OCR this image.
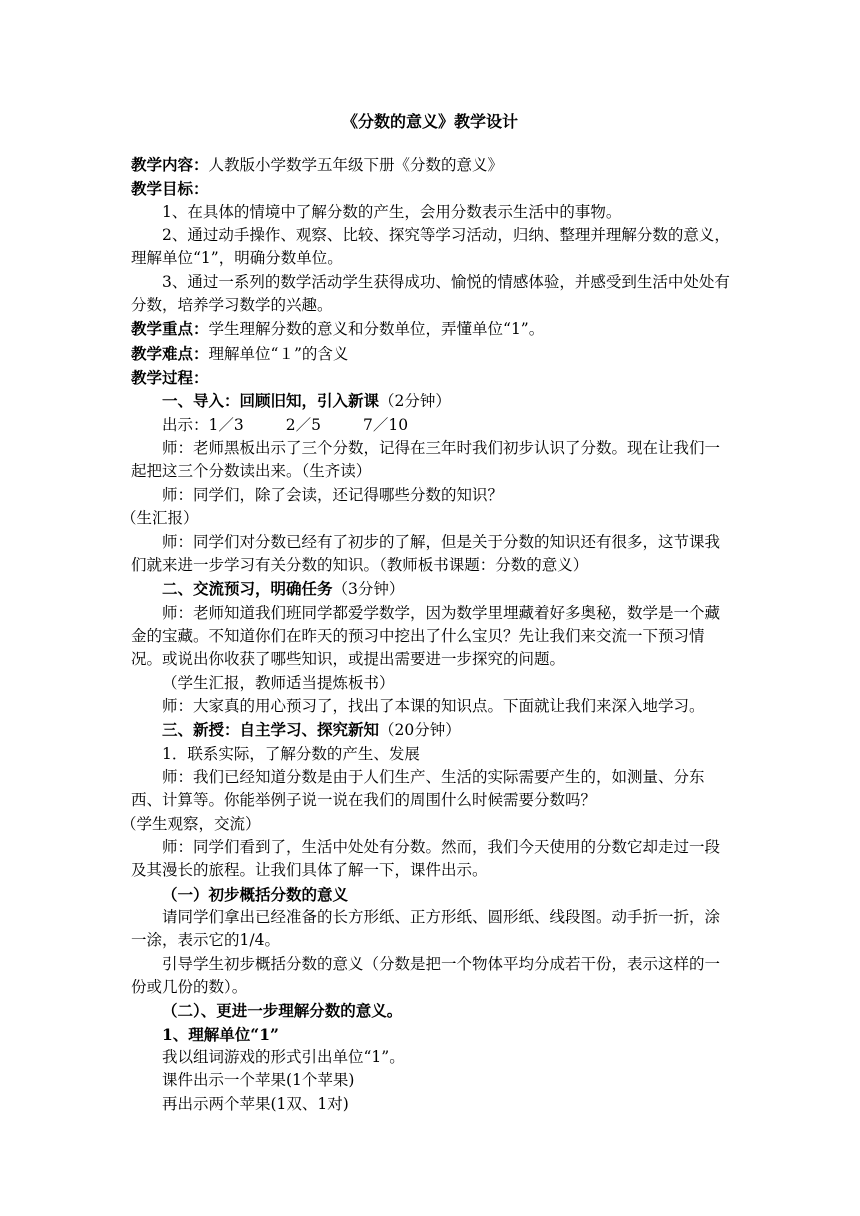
《分数的意义》教学设计

教学内容：人教版小学数学五年级下册《分数的意义》

教学目标：

1、在具体的情境中了解分数的产生，会用分数表示生活中的事物。

2、通过动手操作、观察、比较、探究等学习活动，归纳、整理并理解分数的意义，理解单位“1”，明确分数单位。

3、通过一系列的数学活动学生获得成功、愉悦的情感体验，并感受到生活中处处有分数，培养学习数学的兴趣。

教学重点：学生理解分数的意义和分数单位，弄懂单位“1”。

教学难点：理解单位“１”的含义

教学过程：

一、导入：回顾旧知，引入新课（2分钟）

出示：1／3	2／5	7／10

师：老师黑板出示了三个分数，记得在三年时我们初步认识了分数。现在让我们一起把这三个分数读出来。（生齐读）

师：同学们，除了会读，还记得哪些分数的知识？

（生汇报）

师：同学们对分数已经有了初步的了解，但是关于分数的知识还有很多，这节课我们就来进一步学习有关分数的知识。（教师板书课题：分数的意义）

二、交流预习，明确任务（3分钟）

师：老师知道我们班同学都爱学数学，因为数学里埋藏着好多奥秘，数学是一个藏金的宝藏。不知道你们在昨天的预习中挖出了什么宝贝？先让我们来交流一下预习情况。或说出你收获了哪些知识，或提出需要进一步探究的问题。

（学生汇报，教师适当提炼板书）

师：大家真的用心预习了，找出了本课的知识点。下面就让我们来深入地学习。

三、新授：自主学习、探究新知（20分钟）

1．联系实际，了解分数的产生、发展

师：我们已经知道分数是由于人们生产、生活的实际需要产生的，如测量、分东西、计算等。你能举例子说一说在我们的周围什么时候需要分数吗？

（学生观察，交流）

师：同学们看到了，生活中处处有分数。然而，我们今天使用的分数它却走过一段及其漫长的旅程。让我们具体了解一下，课件出示。

（一）初步概括分数的意义

请同学们拿出已经准备的长方形纸、正方形纸、圆形纸、线段图。动手折一折，涂一涂，表示它的1/4。

引导学生初步概括分数的意义（分数是把一个物体平均分成若干份，表示这样的一份或几份的数）。

（二）、更进一步理解分数的意义。

1、理解单位“1”

我以组词游戏的形式引出单位“1”。

课件出示一个苹果(1个苹果)

再出示两个苹果(1双、1对)
